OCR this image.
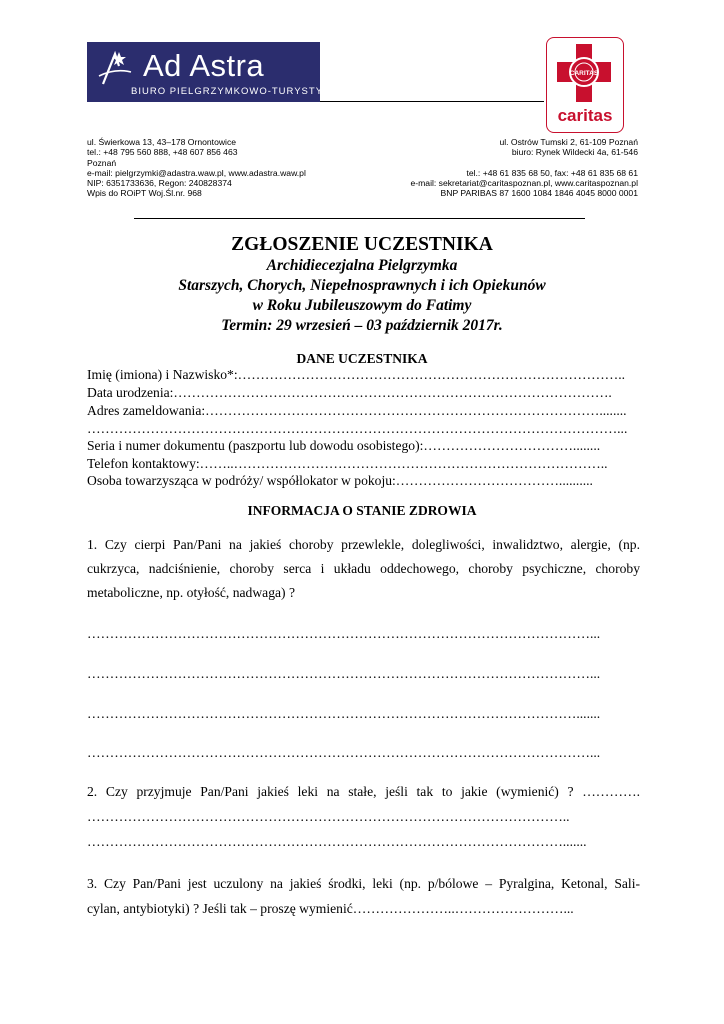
Ad Astra
BIURO PIELGRZYMKOWO-TURYSTYCZNE
CARITAS
caritas
ul. Świerkowa 13, 43–178 Ornontowice
tel.: +48 795 560 888, +48 607 856 463
Poznań
e-mail: pielgrzymki@adastra.waw.pl, www.adastra.waw.pl
NIP: 6351733636, Regon: 240828374
Wpis do ROiPT Woj.Śl.nr. 968
ul. Ostrów Tumski 2, 61-109 Poznań
biuro: Rynek Wildecki 4a, 61-546
tel.: +48 61 835 68 50, fax: +48 61 835 68 61
e-mail: sekretariat@caritaspoznan.pl, www.caritaspoznan.pl
BNP PARIBAS 87 1600 1084 1846 4045 8000 0001
ZGŁOSZENIE UCZESTNIKA
Archidiecezjalna Pielgrzymka
Starszych, Chorych, Niepełnosprawnych i ich Opiekunów
w Roku Jubileuszowym do Fatimy
Termin: 29 wrzesień – 03 październik 2017r.
DANE UCZESTNIKA
Imię (imiona) i Nazwisko*:…………………………………………………………………………..
Data urodzenia:…………………………………………………………………………………….
Adres zameldowania:……………………………………………………………………………........
………………………………………………………………………………………………………...
Seria i numer dokumentu (paszportu lub dowodu osobistego):……………………………........
Telefon kontaktowy:……..………………………………………………………………………..
Osoba towarzysząca w podróży/ współlokator w pokoju:………………………………..........
INFORMACJA O STANIE ZDROWIA
1. Czy cierpi Pan/Pani na jakieś choroby przewlekle, dolegliwości, inwalidztwo, alergie, (np.
cukrzyca, nadciśnienie, choroby serca i układu oddechowego, choroby psychiczne, choroby
metaboliczne, np. otyłość, nadwaga) ?
…………………………………………………………………………………………………...
…………………………………………………………………………………………………...
……………………………………………………………………………………………….......
…………………………………………………………………………………………………...
2. Czy przyjmuje Pan/Pani jakieś leki na stałe, jeśli tak to jakie (wymienić) ? ………….
……………………………………………………………………………………………..
…………………………………………………………………………………………….......
3. Czy Pan/Pani jest uczulony na jakieś środki, leki (np. p/bólowe – Pyralgina, Ketonal, Sali-
cylan, antybiotyki) ? Jeśli tak – proszę wymienić…………………..……………………...
